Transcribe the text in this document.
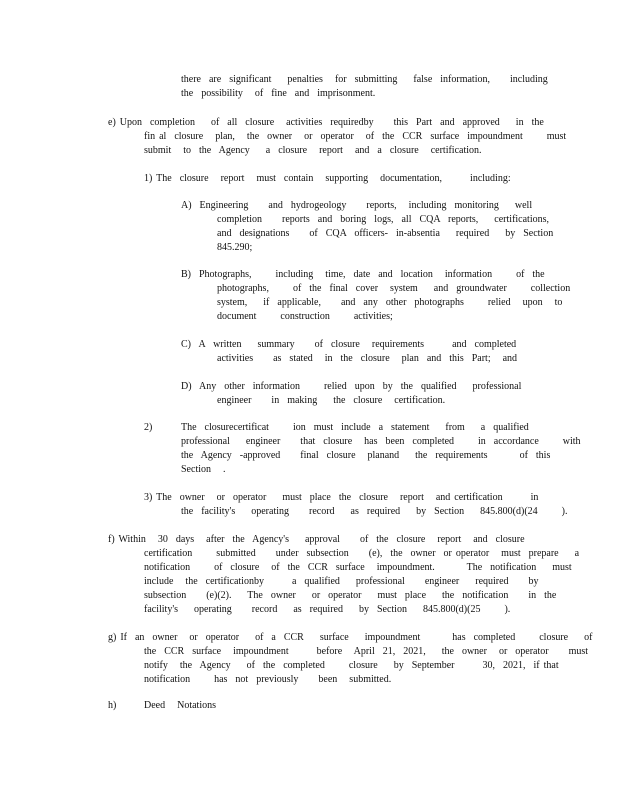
there  are  significant    penalties   for  submitting    false  information,     including
the  possibility   of  fine  and  imprisonment.
e) Upon  completion    of  all  closure   activities  requiredby     this  Part  and  approved    in  the
fin al  closure   plan,   the  owner   or  operator   of  the  CCR  surface  impoundment      must
submit   to  the  Agency    a  closure   report   and  a  closure   certification.
1) The  closure   report   must  contain   supporting   documentation,       including:
A)  Engineering     and  hydrogeology     reports,   including  monitoring    well
completion     reports  and  boring  logs,  all  CQA  reports,    certifications,
and  designations     of  CQA  officers-  in-absentia    required    by  Section
845.290;
B)  Photographs,      including   time,  date  and  location   information      of  the
photographs,      of  the  final  cover   system    and  groundwater      collection
system,    if  applicable,     and  any  other  photographs      relied   upon   to
document      construction      activities;
C)  A  written    summary     of  closure   requirements       and  completed
activities     as  stated   in  the  closure   plan  and  this  Part;   and
D)  Any  other  information      relied  upon  by  the  qualified    professional
engineer     in  making    the  closure   certification.
2)	The  closurecertificat      ion  must  include  a  statement    from    a  qualified
professional    engineer     that  closure   has  been  completed      in  accordance      with
the  Agency  -approved     final  closure   planand    the  requirements        of  this
Section   .
3) The  owner   or  operator    must  place  the  closure   report   and certification       in
the  facility's    operating     record    as  required    by  Section    845.800(d)(24      ).
f) Within   30  days   after  the  Agency's    approval     of  the  closure   report   and  closure
certification      submitted     under  subsection     (e),  the  owner  or operator   must  prepare    a
notification      of  closure   of  the  CCR  surface   impoundment.        The  notification    must
include   the  certificationby       a  qualified    professional     engineer    required     by
subsection     (e)(2).    The  owner    or  operator    must  place    the  notification     in  the
facility's    operating     record    as  required    by  Section    845.800(d)(25      ).
g) If  an  owner   or  operator    of  a  CCR    surface    impoundment        has  completed      closure    of
the  CCR  surface   impoundment       before   April  21,  2021,    the  owner   or  operator     must
notify   the  Agency    of  the  completed      closure    by  September       30,  2021,  if that
notification      has  not  previously     been   submitted.
h)	Deed   Notations
